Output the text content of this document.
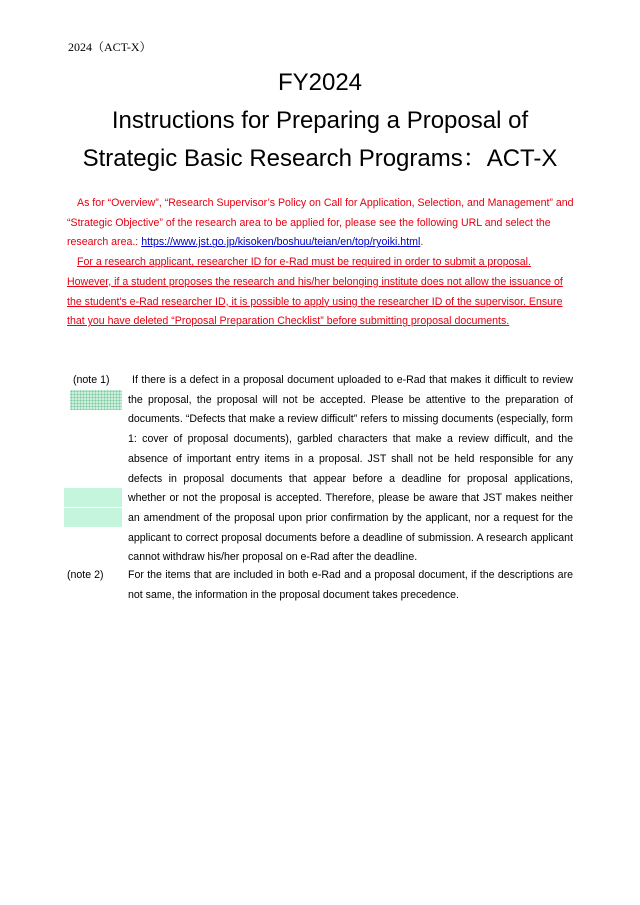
2024（ACT-X）
FY2024
Instructions for Preparing a Proposal of
Strategic Basic Research Programs：ACT-X

As for “Overview”, “Research Supervisor’s Policy on Call for Application, Selection, and Management” and “Strategic Objective” of the research area to be applied for, please see the following URL and select the research area.: https://www.jst.go.jp/kisoken/boshuu/teian/en/top/ryoiki.html.

For a research applicant, researcher ID for e-Rad must be required in order to submit a proposal. However, if a student proposes the research and his/her belonging institute does not allow the issuance of the student's e-Rad researcher ID, it is possible to apply using the researcher ID of the supervisor. Ensure that you have deleted “Proposal Preparation Checklist” before submitting proposal documents.

(note 1)	If there is a defect in a proposal document uploaded to e-Rad that makes it difficult to review the proposal, the proposal will not be accepted. Please be attentive to the preparation of documents. “Defects that make a review difficult” refers to missing documents (especially, form 1: cover of proposal documents), garbled characters that make a review difficult, and the absence of important entry items in a proposal. JST shall not be held responsible for any defects in proposal documents that appear before a deadline for proposal applications, whether or not the proposal is accepted. Therefore, please be aware that JST makes neither an amendment of the proposal upon prior confirmation by the applicant, nor a request for the applicant to correct proposal documents before a deadline of submission. A research applicant cannot withdraw his/her proposal on e-Rad after the deadline.
(note 2) For the items that are included in both e-Rad and a proposal document, if the descriptions are not same, the information in the proposal document takes precedence.
